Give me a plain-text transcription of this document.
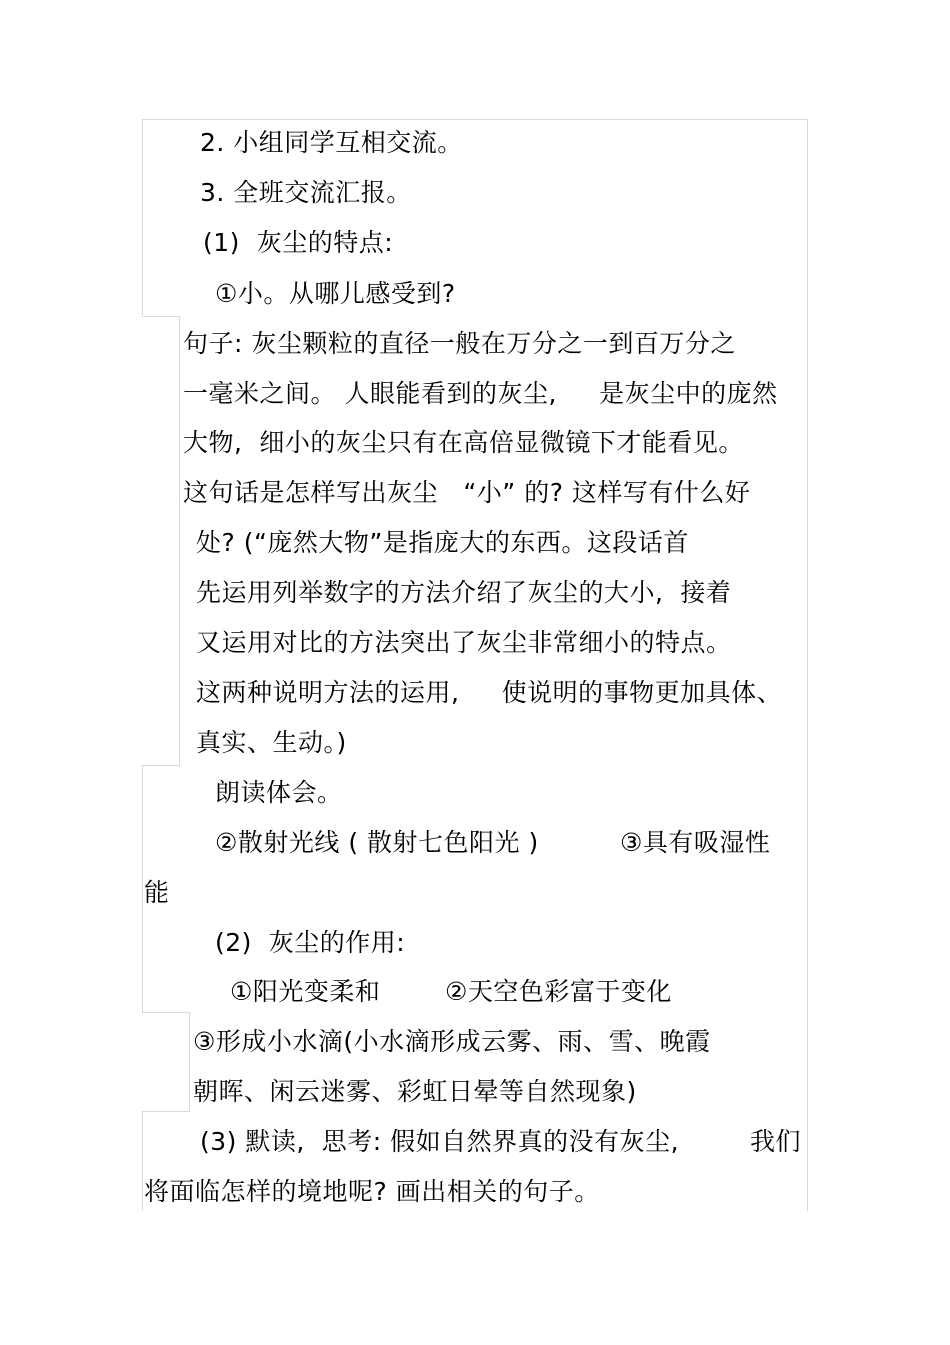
2. 小组同学互相交流。
3. 全班交流汇报。
(1)  灰尘的特点:
①小。从哪儿感受到?
句子: 灰尘颗粒的直径一般在万分之一到百万分之
一毫米之间。 人眼能看到的灰尘,     是灰尘中的庞然
大物,  细小的灰尘只有在高倍显微镜下才能看见。
这句话是怎样写出灰尘   “小” 的? 这样写有什么好
处? (“庞然大物”是指庞大的东西。这段话首
先运用列举数字的方法介绍了灰尘的大小,  接着
又运用对比的方法突出了灰尘非常细小的特点。
这两种说明方法的运用,     使说明的事物更加具体、
真实、生动。)
朗读体会。
②散射光线 ( 散射七色阳光 )	③具有吸湿性
能
(2)  灰尘的作用:
①阳光变柔和	②天空色彩富于变化
③形成小水滴(小水滴形成云雾、雨、雪、晚霞
朝晖、闲云迷雾、彩虹日晕等自然现象)
(3) 默读,  思考: 假如自然界真的没有灰尘,	我们
将面临怎样的境地呢? 画出相关的句子。
